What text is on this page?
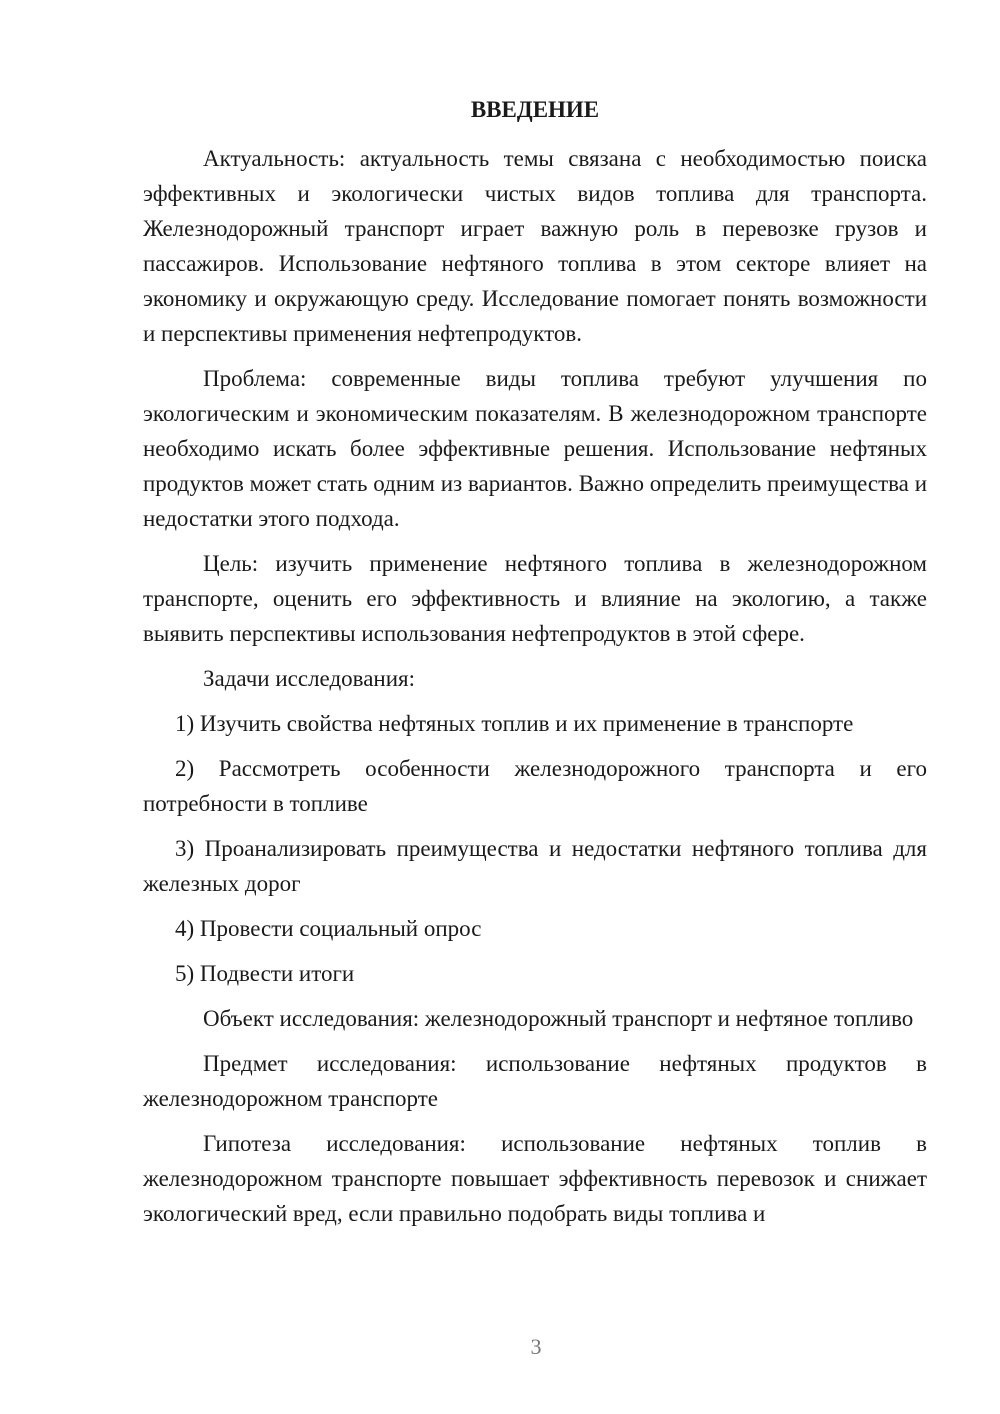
ВВЕДЕНИЕ

Актуальность: актуальность темы связана с необходимостью поиска эффективных и экологически чистых видов топлива для транспорта. Железнодорожный транспорт играет важную роль в перевозке грузов и пассажиров. Использование нефтяного топлива в этом секторе влияет на экономику и окружающую среду. Исследование помогает понять возможности и перспективы применения нефтепродуктов.

Проблема: современные виды топлива требуют улучшения по экологическим и экономическим показателям. В железнодорожном транспорте необходимо искать более эффективные решения. Использование нефтяных продуктов может стать одним из вариантов. Важно определить преимущества и недостатки этого подхода.

Цель: изучить применение нефтяного топлива в железнодорожном транспорте, оценить его эффективность и влияние на экологию, а также выявить перспективы использования нефтепродуктов в этой сфере.

Задачи исследования:

1) Изучить свойства нефтяных топлив и их применение в транспорте

2) Рассмотреть особенности железнодорожного транспорта и его потребности в топливе

3) Проанализировать преимущества и недостатки нефтяного топлива для железных дорог

4) Провести социальный опрос

5) Подвести итоги

Объект исследования: железнодорожный транспорт и нефтяное топливо

Предмет исследования: использование нефтяных продуктов в железнодорожном транспорте

Гипотеза исследования: использование нефтяных топлив в железнодорожном транспорте повышает эффективность перевозок и снижает экологический вред, если правильно подобрать виды топлива и

3
